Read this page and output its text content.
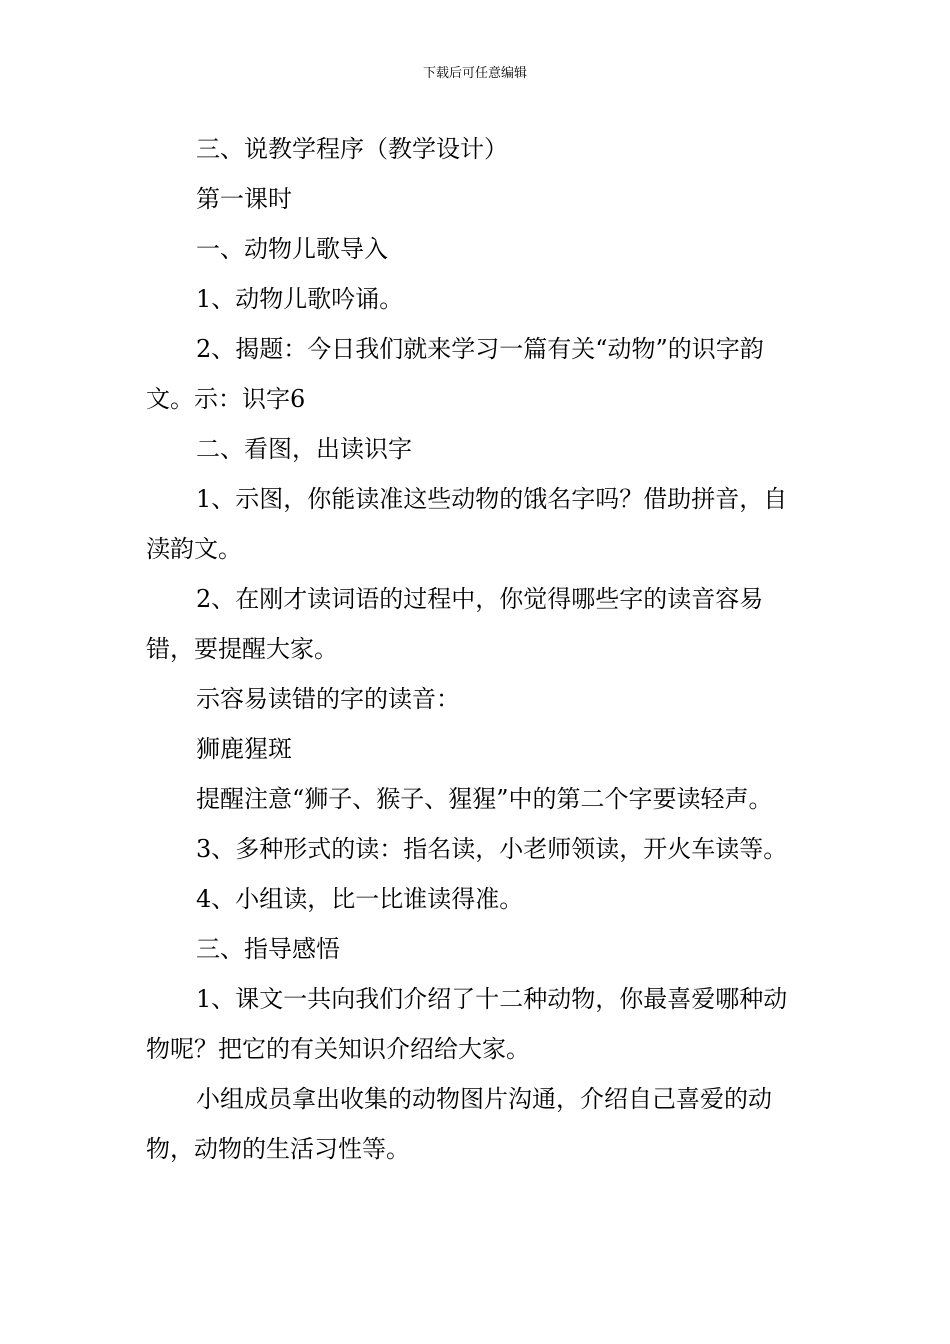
下载后可任意编辑

三、说教学程序（教学设计）

第一课时

一、动物儿歌导入

1、动物儿歌吟诵。

2、揭题：今日我们就来学习一篇有关“动物”的识字韵文。示：识字6

二、看图，出读识字

1、示图，你能读准这些动物的饿名字吗？借助拼音，自渎韵文。

2、在刚才读词语的过程中，你觉得哪些字的读音容易错，要提醒大家。

示容易读错的字的读音：

狮鹿猩斑

提醒注意“狮子、猴子、猩猩”中的第二个字要读轻声。

3、多种形式的读：指名读，小老师领读，开火车读等。

4、小组读，比一比谁读得准。

三、指导感悟

1、课文一共向我们介绍了十二种动物，你最喜爱哪种动物呢？把它的有关知识介绍给大家。

小组成员拿出收集的动物图片沟通，介绍自己喜爱的动物，动物的生活习性等。
